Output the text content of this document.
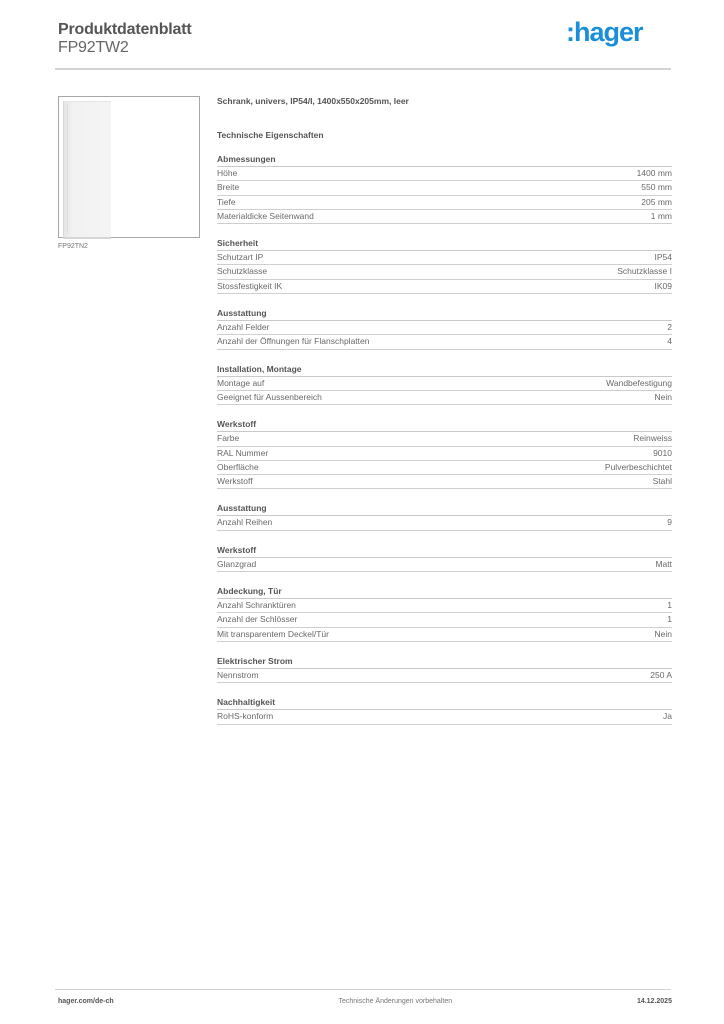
Produktdatenblatt
FP92TW2
:hager
FP92TN2
Schrank, univers, IP54/I, 1400x550x205mm, leer
Technische Eigenschaften
Abmessungen
Höhe	1400 mm
Breite	550 mm
Tiefe	205 mm
Materialdicke Seitenwand	1 mm
Sicherheit
Schutzart IP	IP54
Schutzklasse	Schutzklasse I
Stossfestigkeit IK	IK09
Ausstattung
Anzahl Felder	2
Anzahl der Öffnungen für Flanschplatten	4
Installation, Montage
Montage auf	Wandbefestigung
Geeignet für Aussenbereich	Nein
Werkstoff
Farbe	Reinweiss
RAL Nummer	9010
Oberfläche	Pulverbeschichtet
Werkstoff	Stahl
Ausstattung
Anzahl Reihen	9
Werkstoff
Glanzgrad	Matt
Abdeckung, Tür
Anzahl Schranktüren	1
Anzahl der Schlösser	1
Mit transparentem Deckel/Tür	Nein
Elektrischer Strom
Nennstrom	250 A
Nachhaltigkeit
RoHS-konform	Ja
hager.com/de-ch	Technische Änderungen vorbehalten	14.12.2025
